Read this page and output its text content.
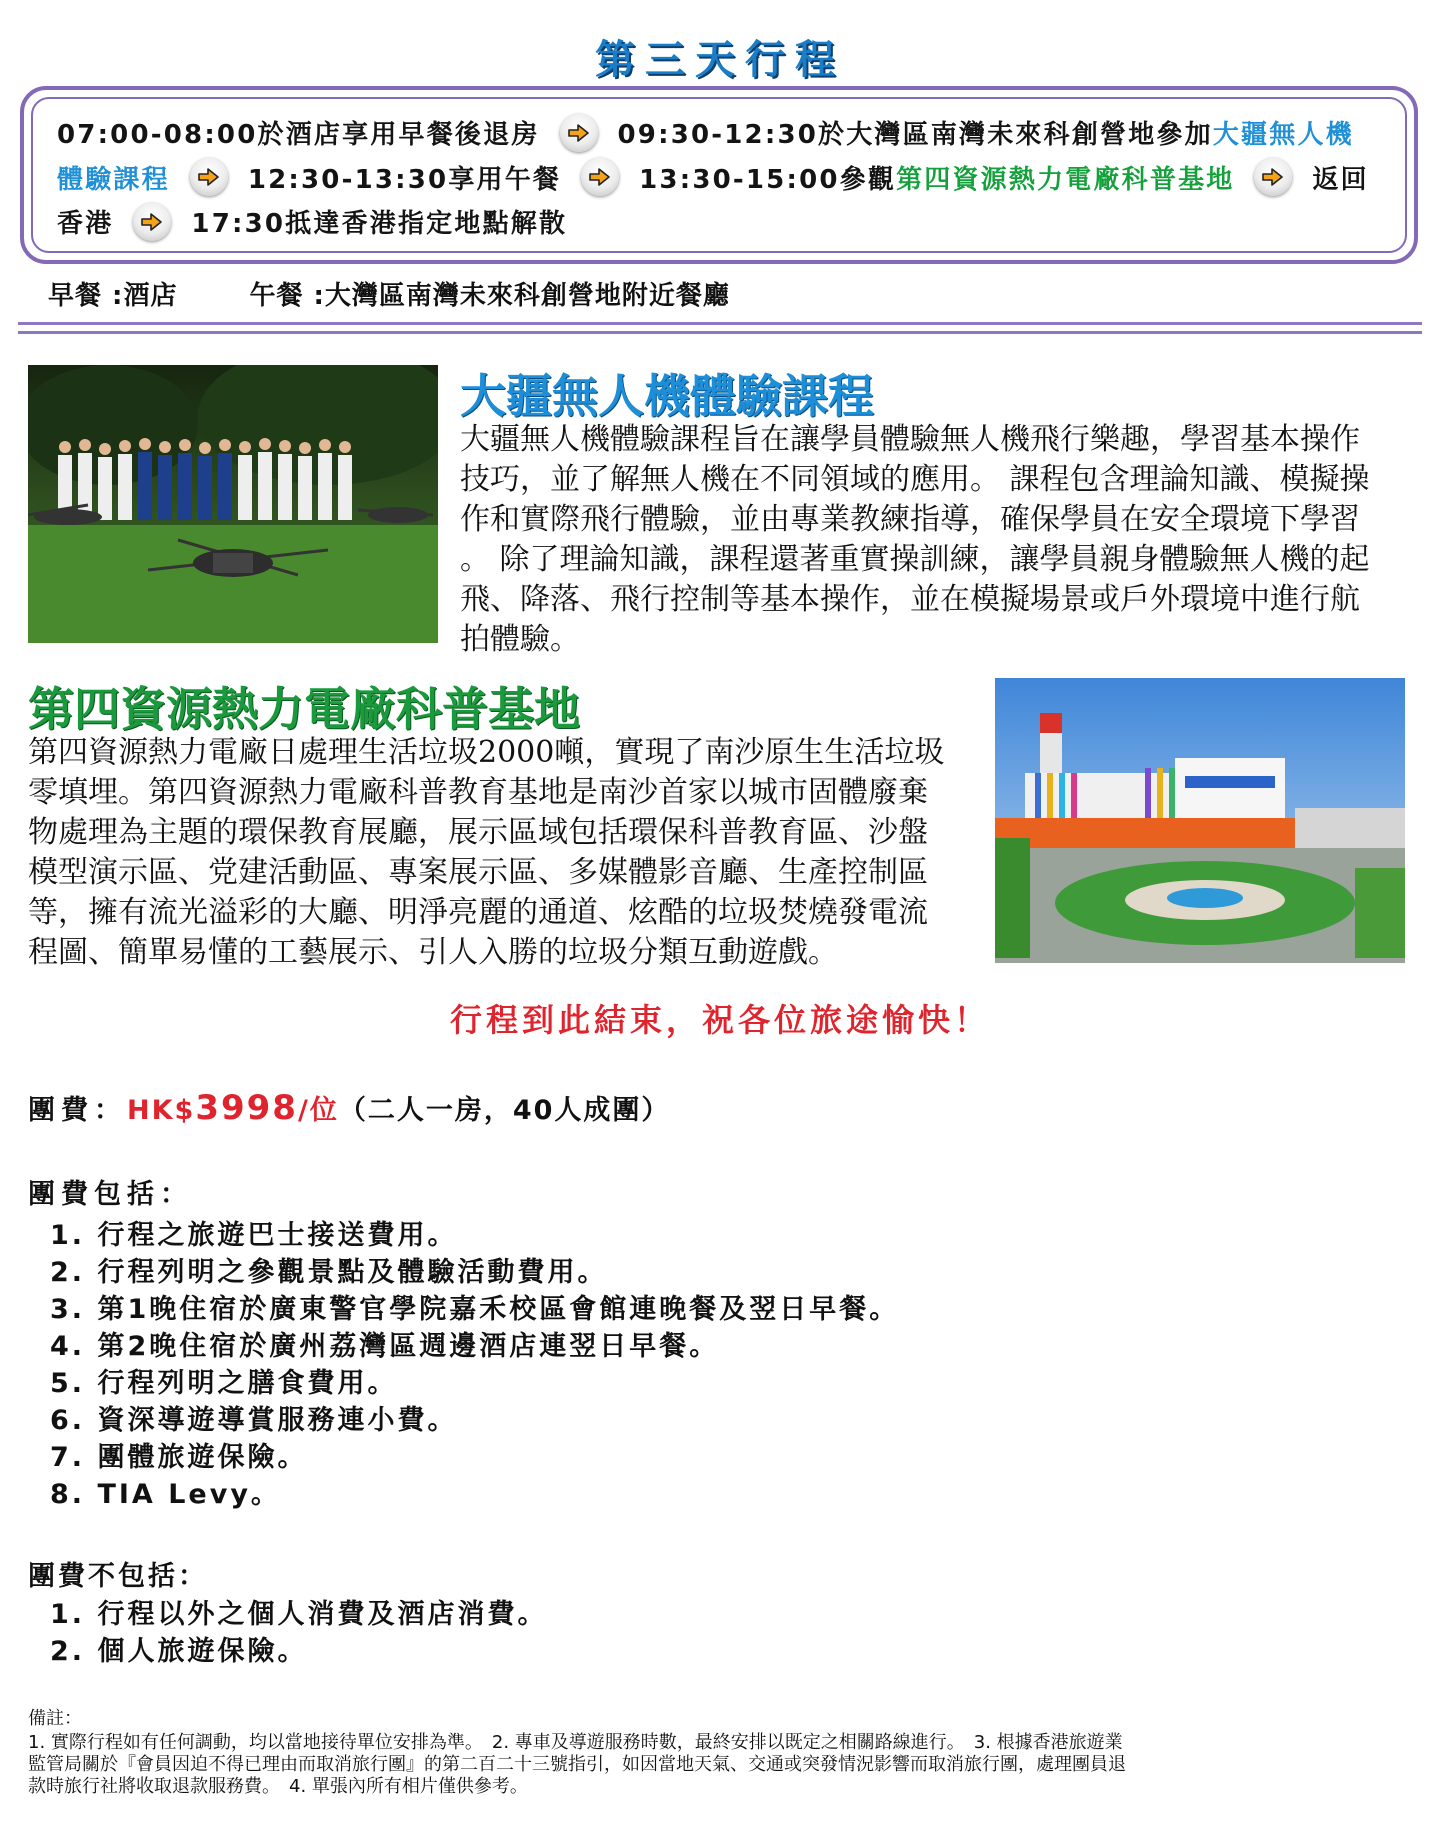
第三天行程
07:00-08:00於酒店享用早餐後退房	09:30-12:30於大灣區南灣未來科創營地參加大疆無人機體驗課程	12:30-13:30享用午餐	13:30-15:00參觀第四資源熱力電廠科普基地	返回香港	17:30抵達香港指定地點解散
早餐 :酒店	午餐 :大灣區南灣未來科創營地附近餐廳
大疆無人機體驗課程
大疆無人機體驗課程旨在讓學員體驗無人機飛行樂趣，學習基本操作
技巧，並了解無人機在不同領域的應用。 課程包含理論知識、模擬操
作和實際飛行體驗，並由專業教練指導，確保學員在安全環境下學習
。 除了理論知識，課程還著重實操訓練，讓學員親身體驗無人機的起
飛、降落、飛行控制等基本操作，並在模擬場景或戶外環境中進行航
拍體驗。
第四資源熱力電廠科普基地
第四資源熱力電廠日處理生活垃圾2000噸，實現了南沙原生生活垃圾
零填埋。第四資源熱力電廠科普教育基地是南沙首家以城市固體廢棄
物處理為主題的環保教育展廳，展示區域包括環保科普教育區、沙盤
模型演示區、党建活動區、專案展示區、多媒體影音廳、生產控制區
等，擁有流光溢彩的大廳、明淨亮麗的通道、炫酷的垃圾焚燒發電流
程圖、簡單易懂的工藝展示、引人入勝的垃圾分類互動遊戲。
行程到此結束，祝各位旅途愉快！
團費：HK$3998/位（二人一房，40人成團）
團費包括：
1. 行程之旅遊巴士接送費用。
2. 行程列明之參觀景點及體驗活動費用。
3. 第1晚住宿於廣東警官學院嘉禾校區會館連晚餐及翌日早餐。
4. 第2晚住宿於廣州荔灣區週邊酒店連翌日早餐。
5. 行程列明之膳食費用。
6. 資深導遊導賞服務連小費。
7. 團體旅遊保險。
8. TIA Levy。
團費不包括：
1. 行程以外之個人消費及酒店消費。
2. 個人旅遊保險。
備註：
1. 實際行程如有任何調動，均以當地接待單位安排為準。　2. 專車及導遊服務時數，最終安排以既定之相關路線進行。　3. 根據香港旅遊業
監管局關於『會員因迫不得已理由而取消旅行團』的第二百二十三號指引，如因當地天氣、交通或突發情況影響而取消旅行團，處理團員退
款時旅行社將收取退款服務費。　4. 單張內所有相片僅供參考。
